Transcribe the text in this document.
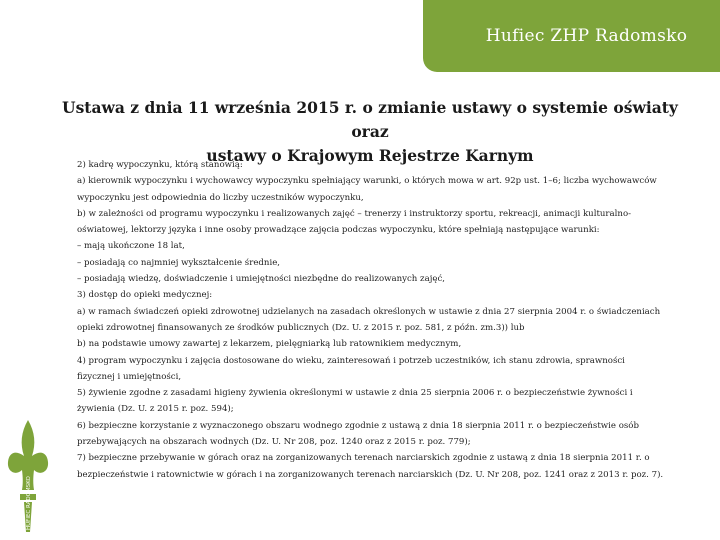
Hufiec ZHP Radomsko
Ustawa z dnia 11 września 2015 r. o zmianie ustawy o systemie oświaty oraz
ustawy o Krajowym Rejestrze Karnym

2) kadrę wypoczynku, którą stanowią:

a) kierownik wypoczynku i wychowawcy wypoczynku spełniający warunki, o których mowa w art. 92p ust. 1–6; liczba wychowawców

wypoczynku jest odpowiednia do liczby uczestników wypoczynku,

b) w zależności od programu wypoczynku i realizowanych zajęć – trenerzy i instruktorzy sportu, rekreacji, animacji kulturalno-

oświatowej, lektorzy języka i inne osoby prowadzące zajęcia podczas wypoczynku, które spełniają następujące warunki:

– mają ukończone 18 lat,

– posiadają co najmniej wykształcenie średnie,

– posiadają wiedzę, doświadczenie i umiejętności niezbędne do realizowanych zajęć,

3) dostęp do opieki medycznej:

a) w ramach świadczeń opieki zdrowotnej udzielanych na zasadach określonych w ustawie z dnia 27 sierpnia 2004 r. o świadczeniach

opieki zdrowotnej finansowanych ze środków publicznych (Dz. U. z 2015 r. poz. 581, z późn. zm.3)) lub

b) na podstawie umowy zawartej z lekarzem, pielęgniarką lub ratownikiem medycznym,

4) program wypoczynku i zajęcia dostosowane do wieku, zainteresowań i potrzeb uczestników, ich stanu zdrowia, sprawności

fizycznej i umiejętności,

5) żywienie zgodne z zasadami higieny żywienia określonymi w ustawie z dnia 25 sierpnia 2006 r. o bezpieczeństwie żywności i

żywienia (Dz. U. z 2015 r. poz. 594);

6) bezpieczne korzystanie z wyznaczonego obszaru wodnego zgodnie z ustawą z dnia 18 sierpnia 2011 r. o bezpieczeństwie osób

przebywających na obszarach wodnych (Dz. U. Nr 208, poz. 1240 oraz z 2015 r. poz. 779);

7) bezpieczne przebywanie w górach oraz na zorganizowanych terenach narciarskich zgodnie z ustawą z dnia 18 sierpnia 2011 r. o

bezpieczeństwie i ratownictwie w górach i na zorganizowanych terenach narciarskich (Dz. U. Nr 208, poz. 1241 oraz z 2013 r. poz. 7).

HUFIEC RADOMSKO
